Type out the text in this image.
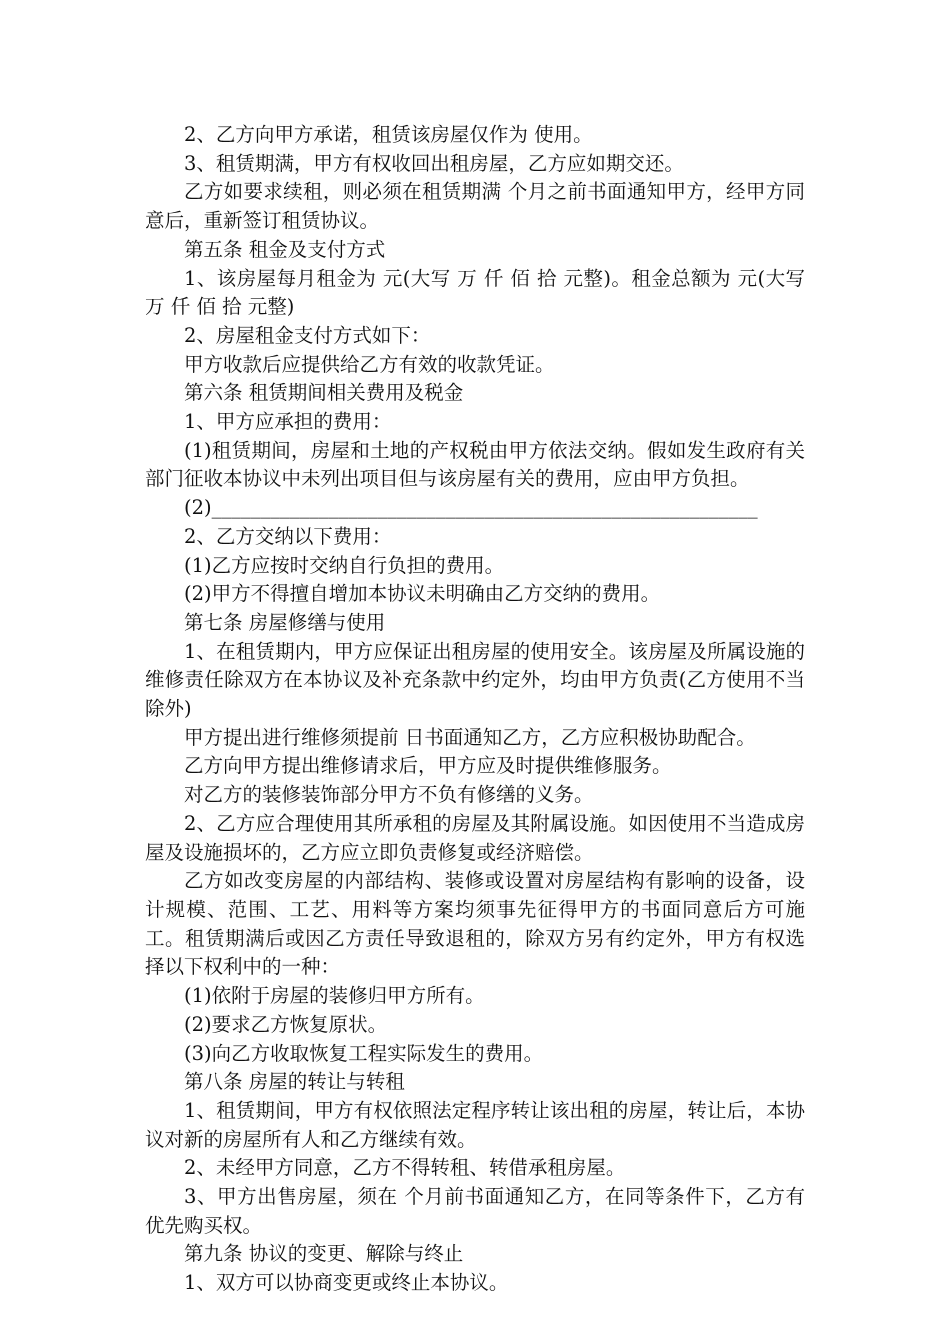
2、乙方向甲方承诺，租赁该房屋仅作为 使用。

3、租赁期满，甲方有权收回出租房屋，乙方应如期交还。

乙方如要求续租，则必须在租赁期满 个月之前书面通知甲方，经甲方同意后，重新签订租赁协议。

第五条 租金及支付方式

1、该房屋每月租金为 元(大写 万 仟 佰 拾 元整)。租金总额为 元(大写 万 仟 佰 拾 元整)

2、房屋租金支付方式如下：

甲方收款后应提供给乙方有效的收款凭证。

第六条 租赁期间相关费用及税金

1、甲方应承担的费用：

(1)租赁期间，房屋和土地的产权税由甲方依法交纳。假如发生政府有关部门征收本协议中未列出项目但与该房屋有关的费用，应由甲方负担。

(2)________________________________________________________

2、乙方交纳以下费用：

(1)乙方应按时交纳自行负担的费用。

(2)甲方不得擅自增加本协议未明确由乙方交纳的费用。

第七条 房屋修缮与使用

1、在租赁期内，甲方应保证出租房屋的使用安全。该房屋及所属设施的维修责任除双方在本协议及补充条款中约定外，均由甲方负责(乙方使用不当除外)

甲方提出进行维修须提前 日书面通知乙方，乙方应积极协助配合。

乙方向甲方提出维修请求后，甲方应及时提供维修服务。

对乙方的装修装饰部分甲方不负有修缮的义务。

2、乙方应合理使用其所承租的房屋及其附属设施。如因使用不当造成房屋及设施损坏的，乙方应立即负责修复或经济赔偿。

乙方如改变房屋的内部结构、装修或设置对房屋结构有影响的设备，设计规模、范围、工艺、用料等方案均须事先征得甲方的书面同意后方可施工。租赁期满后或因乙方责任导致退租的，除双方另有约定外，甲方有权选择以下权利中的一种：

(1)依附于房屋的装修归甲方所有。

(2)要求乙方恢复原状。

(3)向乙方收取恢复工程实际发生的费用。

第八条 房屋的转让与转租

1、租赁期间，甲方有权依照法定程序转让该出租的房屋，转让后，本协议对新的房屋所有人和乙方继续有效。

2、未经甲方同意，乙方不得转租、转借承租房屋。

3、甲方出售房屋，须在 个月前书面通知乙方，在同等条件下，乙方有优先购买权。

第九条 协议的变更、解除与终止

1、双方可以协商变更或终止本协议。
